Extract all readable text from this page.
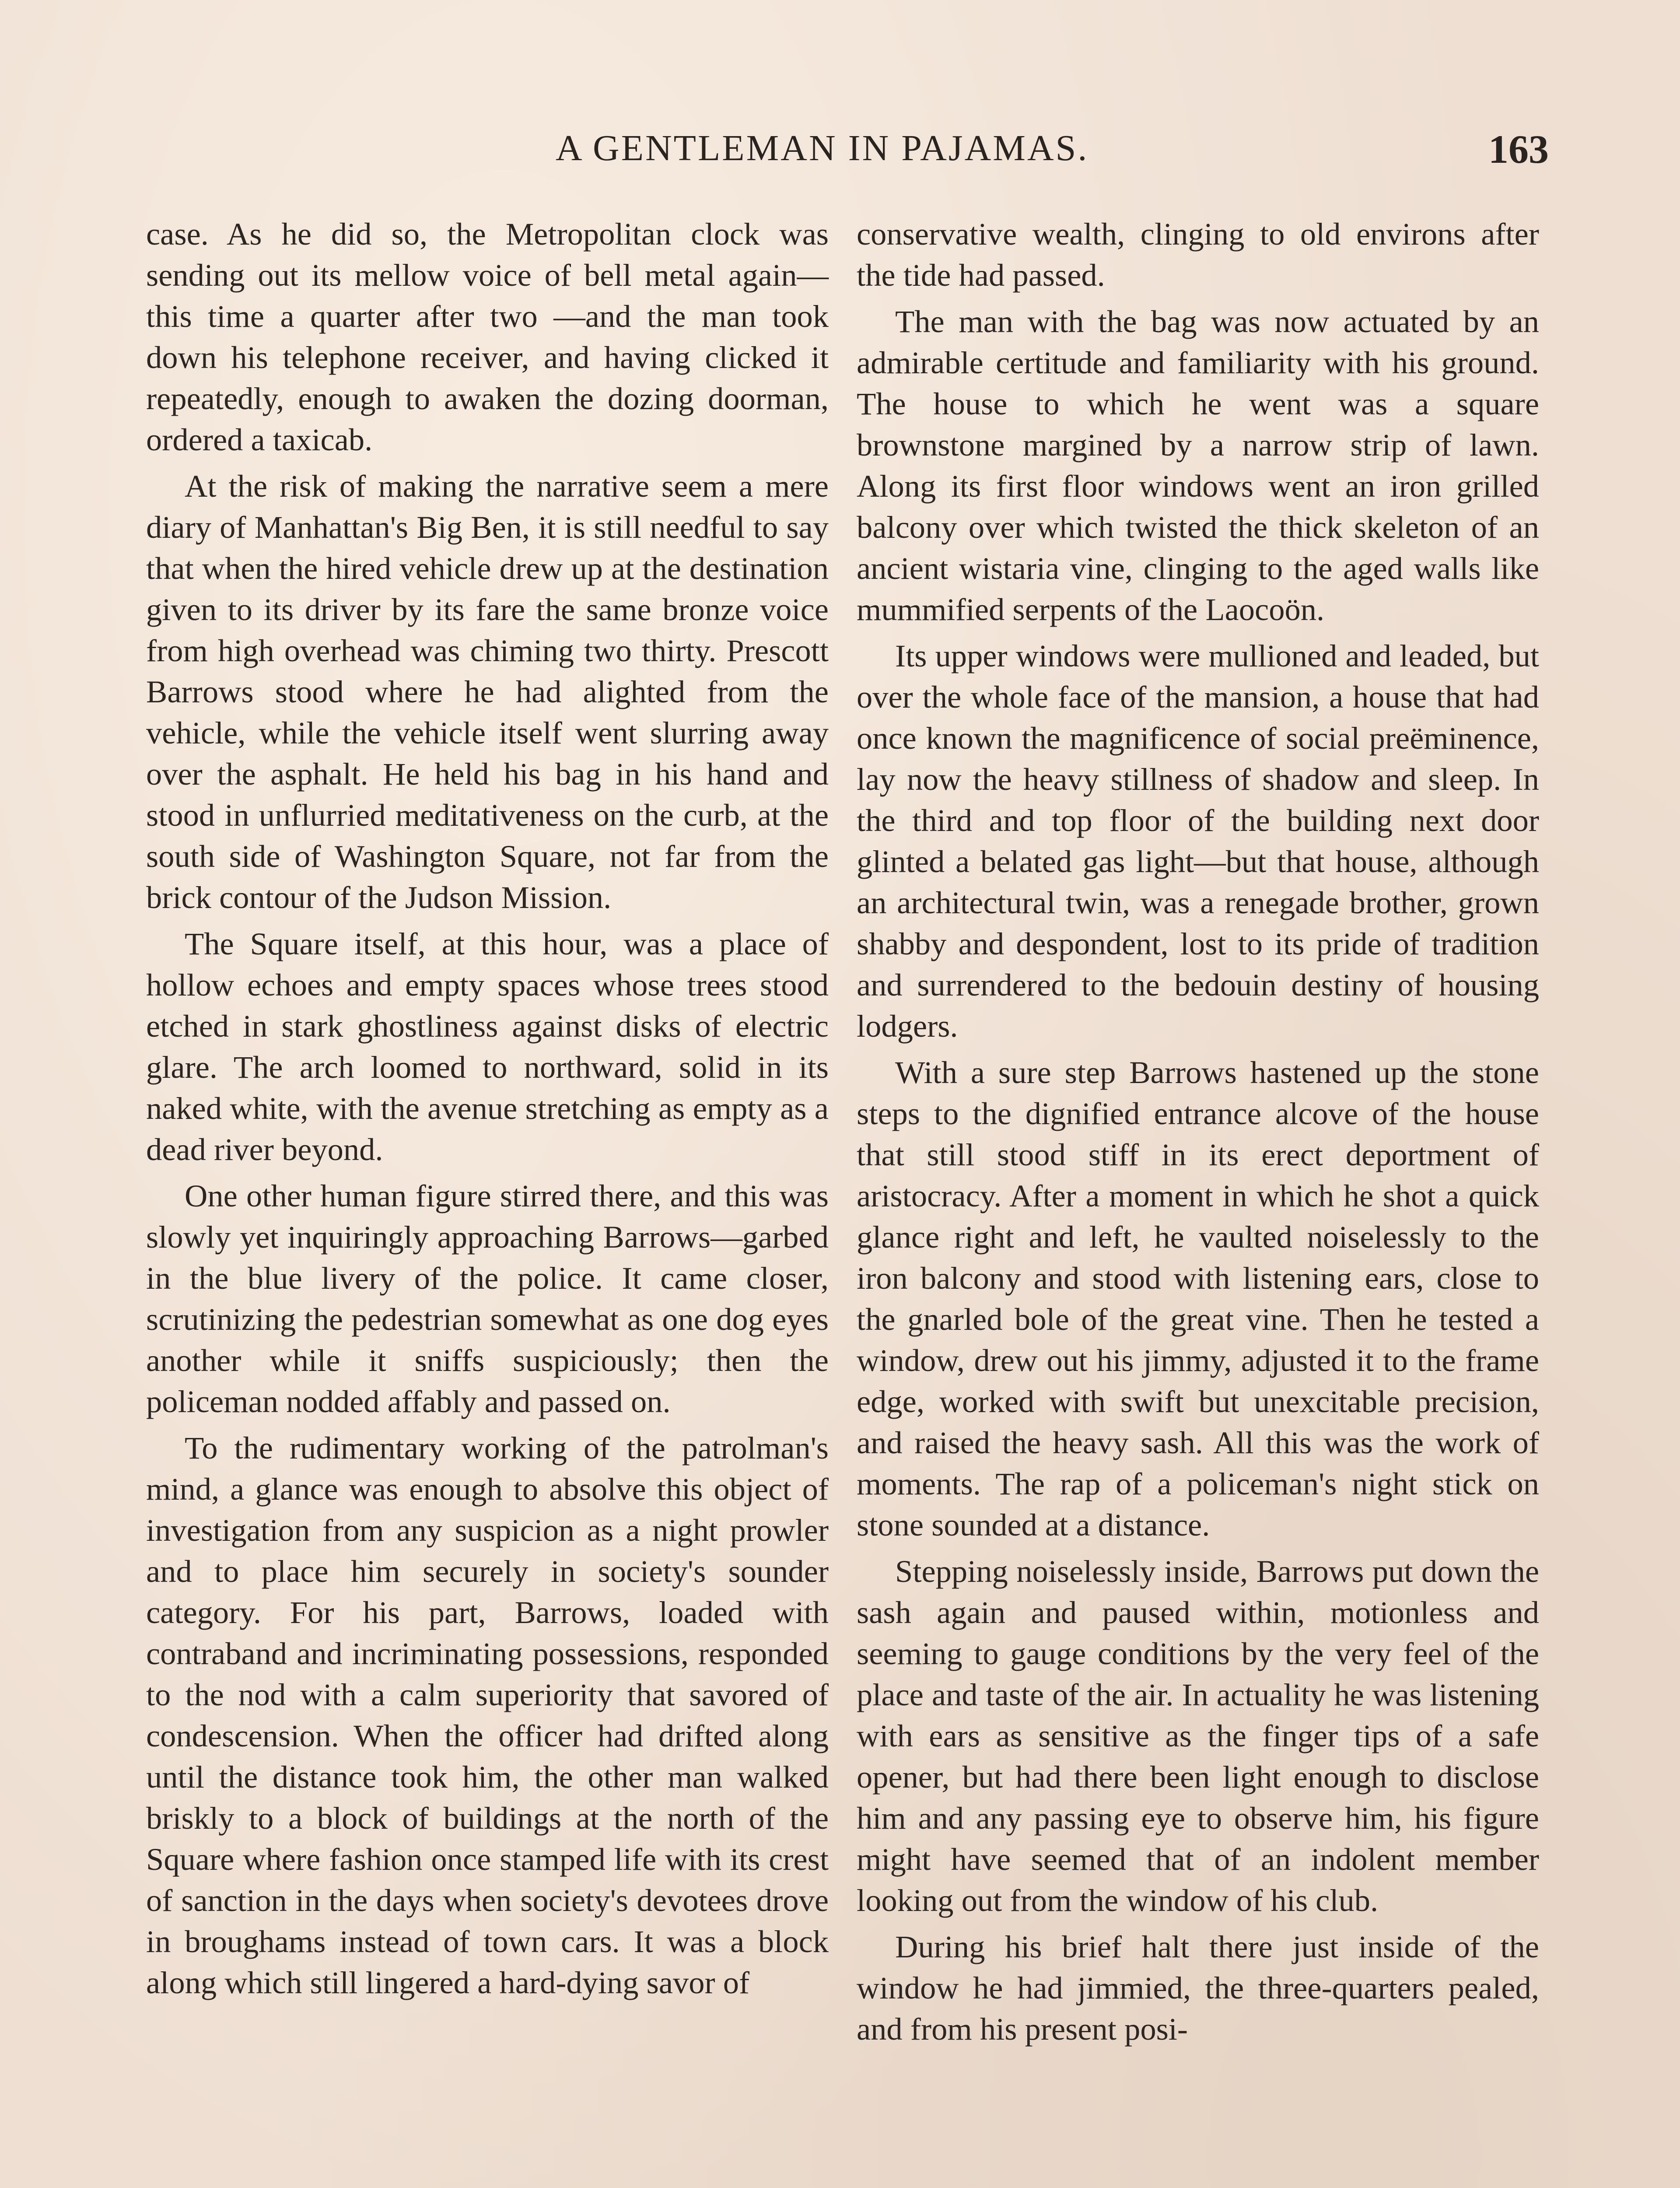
A GENTLEMAN IN PAJAMAS.	163

case. As he did so, the Metropolitan clock was sending out its mellow voice of bell metal again—this time a quarter after two —and the man took down his telephone receiver, and having clicked it repeatedly, enough to awaken the dozing doorman, ordered a taxicab.

At the risk of making the narrative seem a mere diary of Manhattan's Big Ben, it is still needful to say that when the hired vehicle drew up at the destination given to its driver by its fare the same bronze voice from high overhead was chiming two thirty. Prescott Barrows stood where he had alighted from the vehicle, while the vehicle itself went slurring away over the asphalt. He held his bag in his hand and stood in unflurried meditativeness on the curb, at the south side of Washington Square, not far from the brick contour of the Judson Mission.

The Square itself, at this hour, was a place of hollow echoes and empty spaces whose trees stood etched in stark ghostliness against disks of electric glare. The arch loomed to northward, solid in its naked white, with the avenue stretching as empty as a dead river beyond.

One other human figure stirred there, and this was slowly yet inquiringly approaching Barrows—garbed in the blue livery of the police. It came closer, scrutinizing the pedestrian somewhat as one dog eyes another while it sniffs suspiciously; then the policeman nodded affably and passed on.

To the rudimentary working of the patrolman's mind, a glance was enough to absolve this object of investigation from any suspicion as a night prowler and to place him securely in society's sounder category. For his part, Barrows, loaded with contraband and incriminating possessions, responded to the nod with a calm superiority that savored of condescension. When the officer had drifted along until the distance took him, the other man walked briskly to a block of buildings at the north of the Square where fashion once stamped life with its crest of sanction in the days when society's devotees drove in broughams instead of town cars. It was a block along which still lingered a hard-dying savor of

conservative wealth, clinging to old environs after the tide had passed.

The man with the bag was now actuated by an admirable certitude and familiarity with his ground. The house to which he went was a square brownstone margined by a narrow strip of lawn. Along its first floor windows went an iron grilled balcony over which twisted the thick skeleton of an ancient wistaria vine, clinging to the aged walls like mummified serpents of the Laocoön.

Its upper windows were mullioned and leaded, but over the whole face of the mansion, a house that had once known the magnificence of social preëminence, lay now the heavy stillness of shadow and sleep. In the third and top floor of the building next door glinted a belated gas light—but that house, although an architectural twin, was a renegade brother, grown shabby and despondent, lost to its pride of tradition and surrendered to the bedouin destiny of housing lodgers.

With a sure step Barrows hastened up the stone steps to the dignified entrance alcove of the house that still stood stiff in its erect deportment of aristocracy. After a moment in which he shot a quick glance right and left, he vaulted noiselessly to the iron balcony and stood with listening ears, close to the gnarled bole of the great vine. Then he tested a window, drew out his jimmy, adjusted it to the frame edge, worked with swift but unexcitable precision, and raised the heavy sash. All this was the work of moments. The rap of a policeman's night stick on stone sounded at a distance.

Stepping noiselessly inside, Barrows put down the sash again and paused within, motionless and seeming to gauge conditions by the very feel of the place and taste of the air. In actuality he was listening with ears as sensitive as the finger tips of a safe opener, but had there been light enough to disclose him and any passing eye to observe him, his figure might have seemed that of an indolent member looking out from the window of his club.

During his brief halt there just inside of the window he had jimmied, the three-quarters pealed, and from his present posi-
